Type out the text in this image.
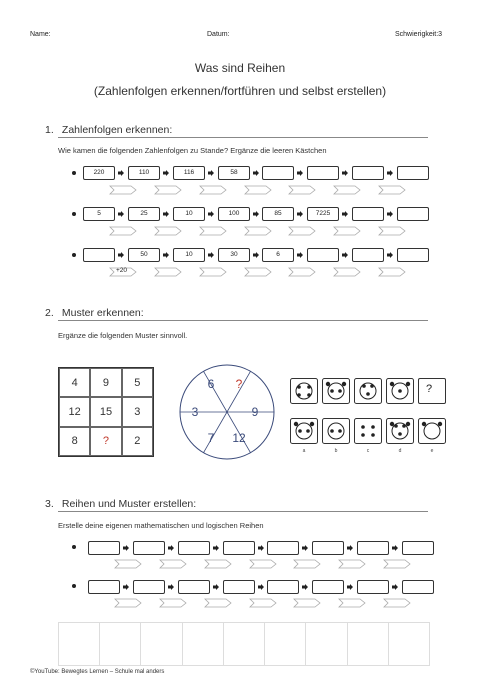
Name:	Datum:	Schwierigkeit:3
Was sind Reihen
(Zahlenfolgen erkennen/fortführen und selbst erstellen)
1. Zahlenfolgen erkennen:
Wie kamen die folgenden Zahlenfolgen zu Stande? Ergänze die leeren Kästchen
220	110	116	58
5	25	10	100	85	7225
50	10	30	6
+20
2. Muster erkennen:
Ergänze die folgenden Muster sinnvoll.
4	9	5
12	15	3
8	?	2
6 ?
9
12
7
3
a	b	c	d	e
?
3. Reihen und Muster erstellen:
Erstelle deine eigenen mathematischen und logischen Reihen
©YouTube: Bewegtes Lernen – Schule mal anders
